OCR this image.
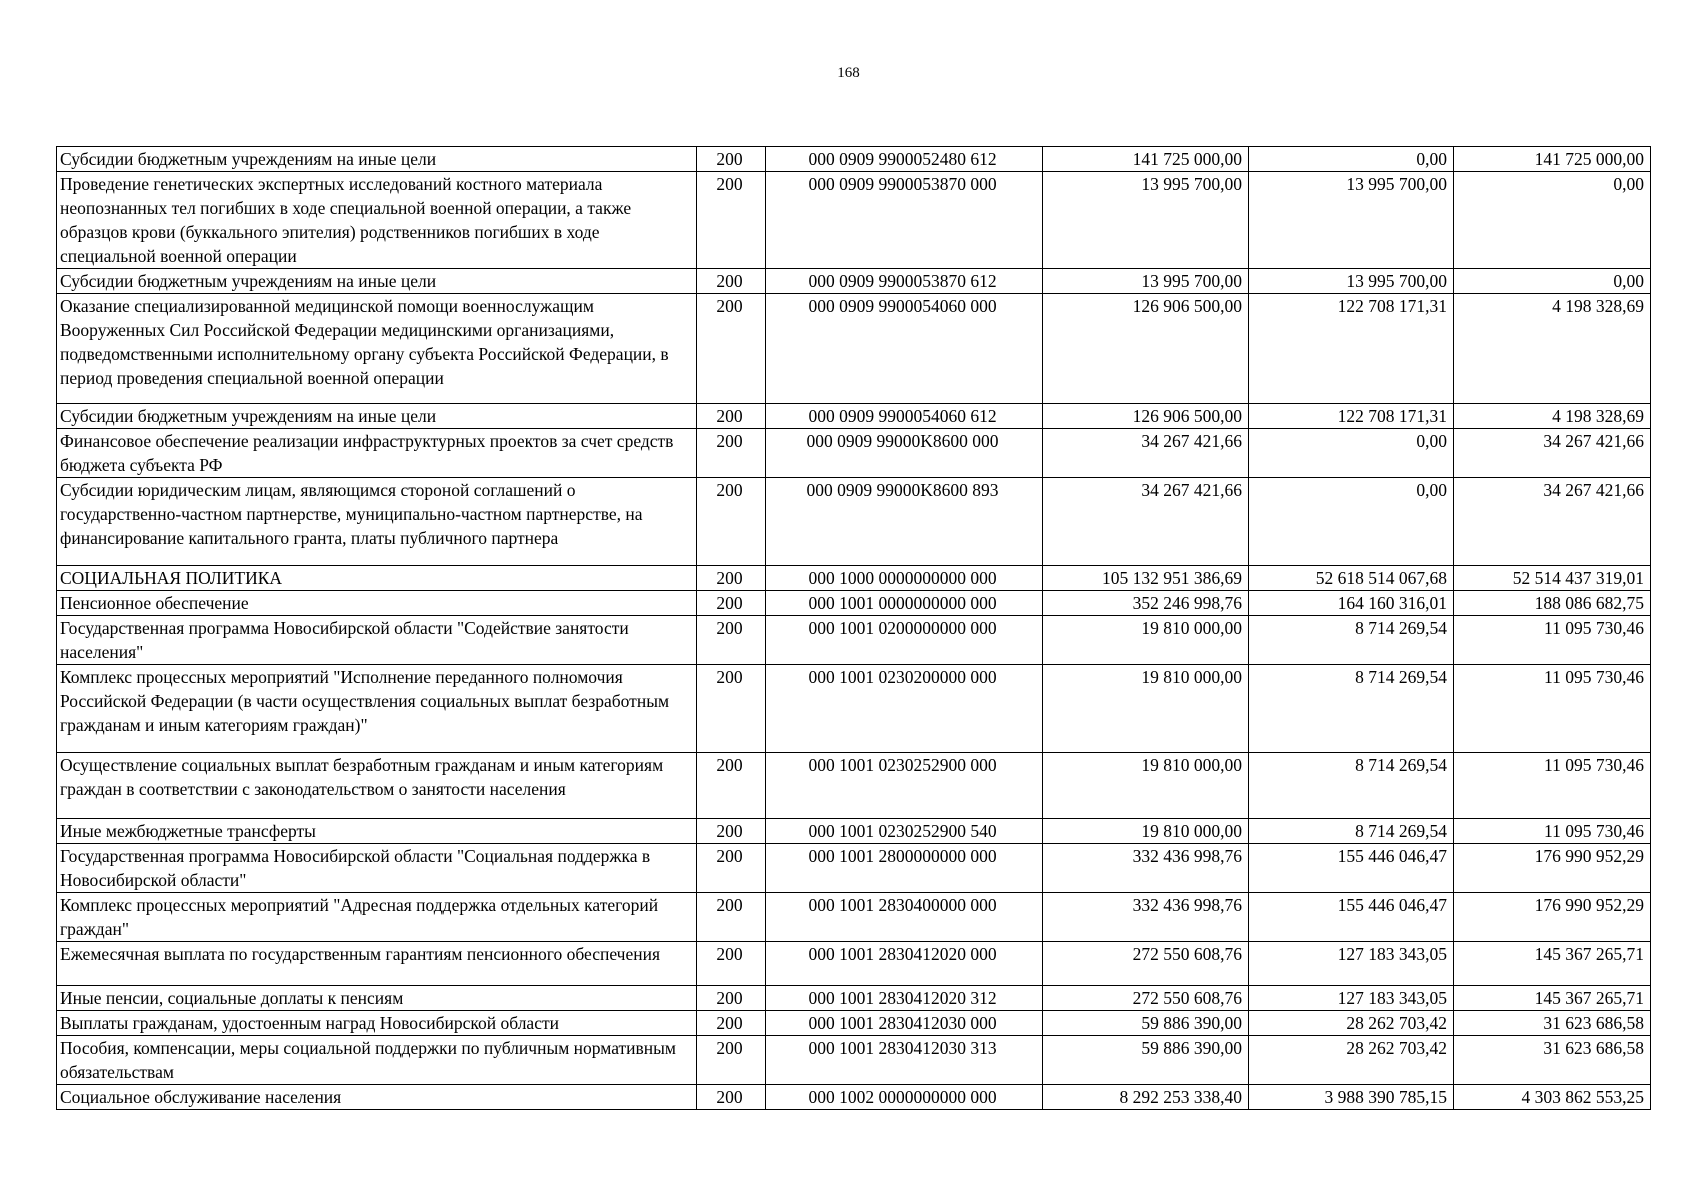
168
Субсидии бюджетным учреждениям на иные цели	200	000 0909 9900052480 612	141 725 000,00	0,00	141 725 000,00
Проведение генетических экспертных исследований костного материала неопознанных тел погибших в ходе специальной военной операции, а также образцов крови (буккального эпителия) родственников погибших в ходе специальной военной операции	200	000 0909 9900053870 000	13 995 700,00	13 995 700,00	0,00
Субсидии бюджетным учреждениям на иные цели	200	000 0909 9900053870 612	13 995 700,00	13 995 700,00	0,00
Оказание специализированной медицинской помощи военнослужащим Вооруженных Сил Российской Федерации медицинскими организациями, подведомственными исполнительному органу субъекта Российской Федерации, в период проведения специальной военной операции	200	000 0909 9900054060 000	126 906 500,00	122 708 171,31	4 198 328,69
Субсидии бюджетным учреждениям на иные цели	200	000 0909 9900054060 612	126 906 500,00	122 708 171,31	4 198 328,69
Финансовое обеспечение реализации инфраструктурных проектов за счет средств бюджета субъекта РФ	200	000 0909 99000K8600 000	34 267 421,66	0,00	34 267 421,66
Субсидии юридическим лицам, являющимся стороной соглашений о государственно-частном партнерстве, муниципально-частном партнерстве, на финансирование капитального гранта, платы публичного партнера	200	000 0909 99000K8600 893	34 267 421,66	0,00	34 267 421,66
СОЦИАЛЬНАЯ ПОЛИТИКА	200	000 1000 0000000000 000	105 132 951 386,69	52 618 514 067,68	52 514 437 319,01
Пенсионное обеспечение	200	000 1001 0000000000 000	352 246 998,76	164 160 316,01	188 086 682,75
Государственная программа Новосибирской области "Содействие занятости населения"	200	000 1001 0200000000 000	19 810 000,00	8 714 269,54	11 095 730,46
Комплекс процессных мероприятий "Исполнение переданного полномочия Российской Федерации (в части осуществления социальных выплат безработным гражданам и иным категориям граждан)"	200	000 1001 0230200000 000	19 810 000,00	8 714 269,54	11 095 730,46
Осуществление социальных выплат безработным гражданам и иным категориям граждан в соответствии с законодательством о занятости населения	200	000 1001 0230252900 000	19 810 000,00	8 714 269,54	11 095 730,46
Иные межбюджетные трансферты	200	000 1001 0230252900 540	19 810 000,00	8 714 269,54	11 095 730,46
Государственная программа Новосибирской области "Социальная поддержка в Новосибирской области"	200	000 1001 2800000000 000	332 436 998,76	155 446 046,47	176 990 952,29
Комплекс процессных мероприятий "Адресная поддержка отдельных категорий граждан"	200	000 1001 2830400000 000	332 436 998,76	155 446 046,47	176 990 952,29
Ежемесячная выплата по государственным гарантиям пенсионного обеспечения	200	000 1001 2830412020 000	272 550 608,76	127 183 343,05	145 367 265,71
Иные пенсии, социальные доплаты к пенсиям	200	000 1001 2830412020 312	272 550 608,76	127 183 343,05	145 367 265,71
Выплаты гражданам, удостоенным наград Новосибирской области	200	000 1001 2830412030 000	59 886 390,00	28 262 703,42	31 623 686,58
Пособия, компенсации, меры социальной поддержки по публичным нормативным обязательствам	200	000 1001 2830412030 313	59 886 390,00	28 262 703,42	31 623 686,58
Социальное обслуживание населения	200	000 1002 0000000000 000	8 292 253 338,40	3 988 390 785,15	4 303 862 553,25
